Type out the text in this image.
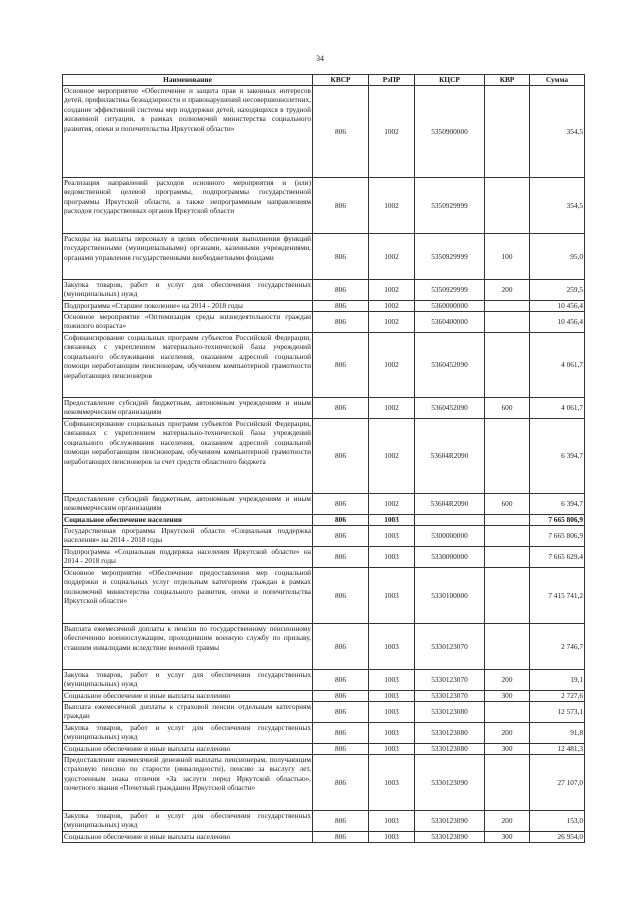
34
Наименование	КВСР	РзПР	КЦСР	КВР	Сумма
Основное мероприятие «Обеспечение и защита прав и законных интересов детей, профилактика безнадзорности и правонарушений несовершеннолетних, создание эффективной системы мер поддержки детей, находящихся в трудной жизненной ситуации, в рамках полномочий министерства социального развития, опеки и попечительства Иркутской области»	806	1002	5350900000		354,5
Реализация направлений расходов основного мероприятия и (или) ведомственной целевой программы, подпрограммы государственной программы Иркутской области, а также непрограммным направлениям расходов государственных органов Иркутской области	806	1002	5350929999		354,5
Расходы на выплаты персоналу в целях обеспечения выполнения функций государственными (муниципальными) органами, казенными учреждениями, органами управления государственными внебюджетными фондами	806	1002	5350929999	100	95,0
Закупка товаров, работ и услуг для обеспечения государственных (муниципальных) нужд	806	1002	5350929999	200	259,5
Подпрограмма «Старшее поколение» на 2014 - 2018 годы	806	1002	5360000000		10 456,4
Основное мероприятие «Оптимизация среды жизнедеятельности граждан пожилого возраста»	806	1002	5360400000		10 456,4
Софинансирование социальных программ субъектов Российской Федерации, связанных с укреплением материально-технической базы учреждений социального обслуживания населения, оказанием адресной социальной помощи неработающим пенсионерам, обучением компьютерной грамотности неработающих пенсионеров	806	1002	5360452090		4 061,7
Предоставление субсидий бюджетным, автономным учреждениям и иным некоммерческим организациям	806	1002	5360452090	600	4 061,7
Софинансирование социальных программ субъектов Российской Федерации, связанных с укреплением материально-технической базы учреждений социального обслуживания населения, оказанием адресной социальной помощи неработающим пенсионерам, обучением компьютерной грамотности неработающих пенсионеров за счет средств областного бюджета	806	1002	53604R2090		6 394,7
Предоставление субсидий бюджетным, автономным учреждениям и иным некоммерческим организациям	806	1002	53604R2090	600	6 394,7
Социальное обеспечение населения	806	1003			7 665 806,9
Государственная программа Иркутской области «Социальная поддержка населения» на 2014 - 2018 годы	806	1003	5300000000		7 665 806,9
Подпрограмма «Социальная поддержка населения Иркутской области» на 2014 - 2018 годы	806	1003	5330000000		7 665 629,4
Основное мероприятие «Обеспечение предоставления мер социальной поддержки и социальных услуг отдельным категориям граждан в рамках полномочий министерства социального развития, опеки и попечительства Иркутской области»	806	1003	5330100000		7 415 741,2
Выплата ежемесячной доплаты к пенсии по государственному пенсионному обеспечению военнослужащим, проходившим военную службу по призыву, ставшим инвалидами вследствие военной травмы	806	1003	5330123070		2 746,7
Закупка товаров, работ и услуг для обеспечения государственных (муниципальных) нужд	806	1003	5330123070	200	19,1
Социальное обеспечение и иные выплаты населению	806	1003	5330123070	300	2 727,6
Выплата ежемесячной доплаты к страховой пенсии отдельным категориям граждан	806	1003	5330123080		12 573,1
Закупка товаров, работ и услуг для обеспечения государственных (муниципальных) нужд	806	1003	5330123080	200	91,8
Социальное обеспечение и иные выплаты населению	806	1003	5330123080	300	12 481,3
Предоставление ежемесячной денежной выплаты пенсионерам, получающим страховую пенсию по старости (инвалидности), пенсию за выслугу лет, удостоенным знака отличия «За заслуги перед Иркутской областью», почетного звания «Почетный гражданин Иркутской области»	806	1003	5330123090		27 107,0
Закупка товаров, работ и услуг для обеспечения государственных (муниципальных) нужд	806	1003	5330123090	200	153,0
Социальное обеспечение и иные выплаты населению	806	1003	5330123090	300	26 954,0
